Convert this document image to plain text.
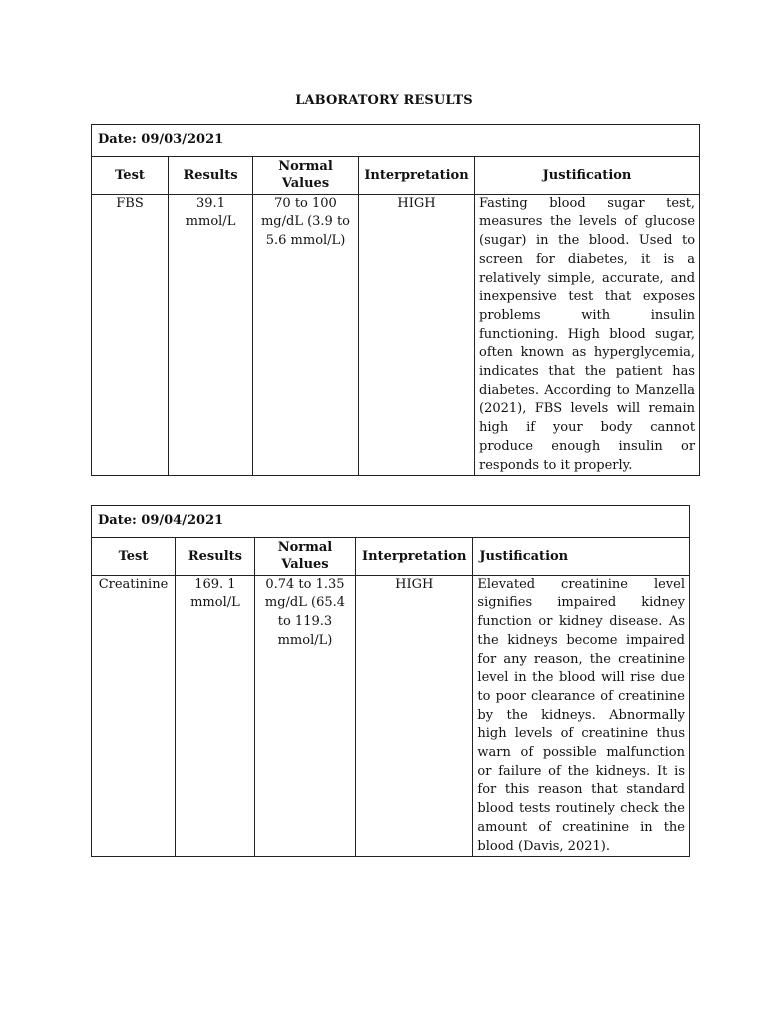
LABORATORY RESULTS
Date: 09/03/2021				
Test	Results	Normal Values	Interpretation	Justification
FBS	39.1 mmol/L	70 to 100 mg/dL (3.9 to 5.6 mmol/L)	HIGH	Fasting blood sugar test, measures the levels of glucose (sugar) in the blood. Used to screen for diabetes, it is a relatively simple, accurate, and inexpensive test that exposes problems with insulin functioning. High blood sugar, often known as hyperglycemia, indicates that the patient has diabetes. According to Manzella (2021), FBS levels will remain high if your body cannot produce enough insulin or responds to it properly.
Date: 09/04/2021				
Test	Results	Normal Values	Interpretation	Justification
Creatinine	169. 1 mmol/L	0.74 to 1.35 mg/dL (65.4 to 119.3 mmol/L)	HIGH	Elevated creatinine level signifies impaired kidney function or kidney disease. As the kidneys become impaired for any reason, the creatinine level in the blood will rise due to poor clearance of creatinine by the kidneys. Abnormally high levels of creatinine thus warn of possible malfunction or failure of the kidneys. It is for this reason that standard blood tests routinely check the amount of creatinine in the blood (Davis, 2021).
